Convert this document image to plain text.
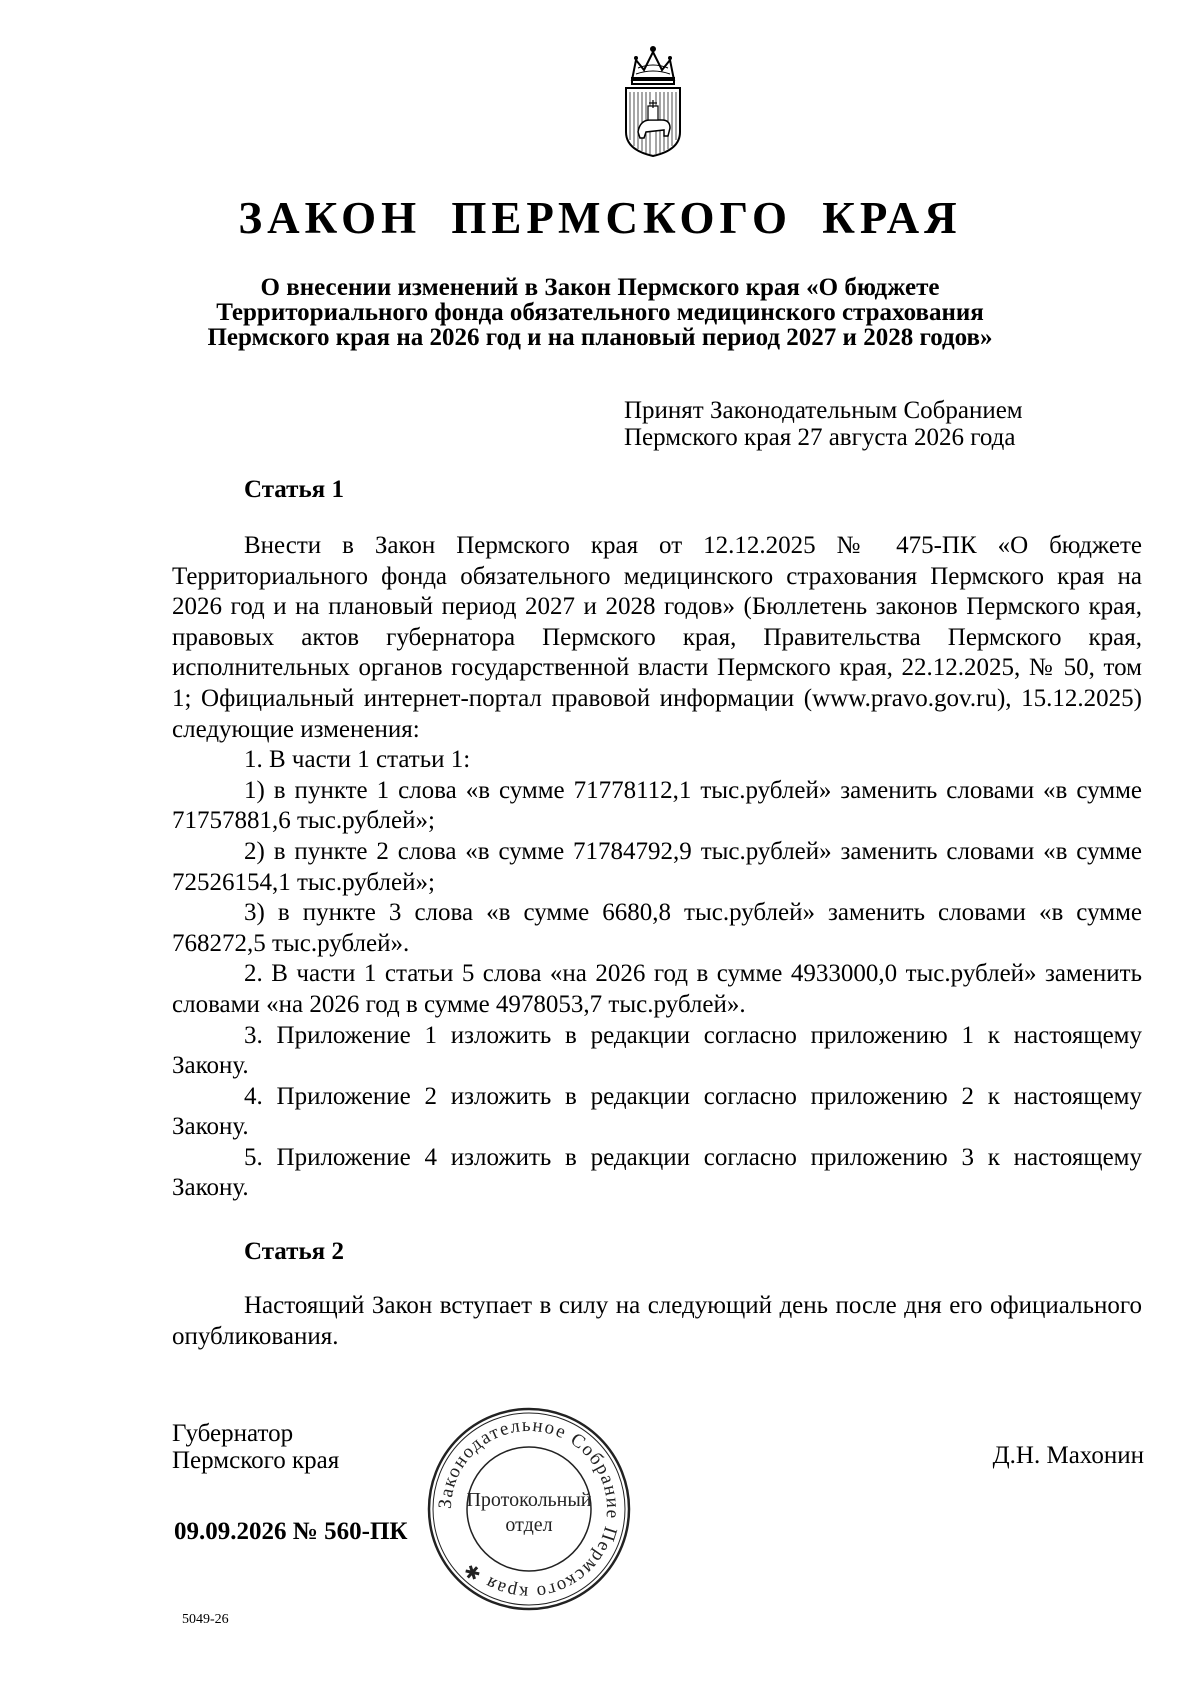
ЗАКОН ПЕРМСКОГО КРАЯ
О внесении изменений в Закон Пермского края «О бюджете
Территориального фонда обязательного медицинского страхования
Пермского края на 2026 год и на плановый период 2027 и 2028 годов»
Принят Законодательным Собранием
Пермского края 27 августа 2026 года
Статья 1

Внести в Закон Пермского края от 12.12.2025 № 475-ПК «О бюджете Территориального фонда обязательного медицинского страхования Пермского края на 2026 год и на плановый период 2027 и 2028 годов» (Бюллетень законов Пермского края, правовых актов губернатора Пермского края, Правительства Пермского края, исполнительных органов государственной власти Пермского края, 22.12.2025, № 50, том 1; Официальный интернет-портал правовой информации (www.pravo.gov.ru), 15.12.2025) следующие изменения:

1. В части 1 статьи 1:

1) в пункте 1 слова «в сумме 71778112,1 тыс.рублей» заменить словами «в сумме 71757881,6 тыс.рублей»;

2) в пункте 2 слова «в сумме 71784792,9 тыс.рублей» заменить словами «в сумме 72526154,1 тыс.рублей»;

3) в пункте 3 слова «в сумме 6680,8 тыс.рублей» заменить словами «в сумме 768272,5 тыс.рублей».

2. В части 1 статьи 5 слова «на 2026 год в сумме 4933000,0 тыс.рублей» заменить словами «на 2026 год в сумме 4978053,7 тыс.рублей».

3. Приложение 1 изложить в редакции согласно приложению 1 к настоящему Закону.

4. Приложение 2 изложить в редакции согласно приложению 2 к настоящему Закону.

5. Приложение 4 изложить в редакции согласно приложению 3 к настоящему Закону.

Статья 2

Настоящий Закон вступает в силу на следующий день после дня его официального опубликования.

Губернатор
Пермского края	Д.Н. Махонин
09.09.2026 № 560-ПК
5049-26
Законодательное Собрание Пермского края ✱
Протокольный
отдел
